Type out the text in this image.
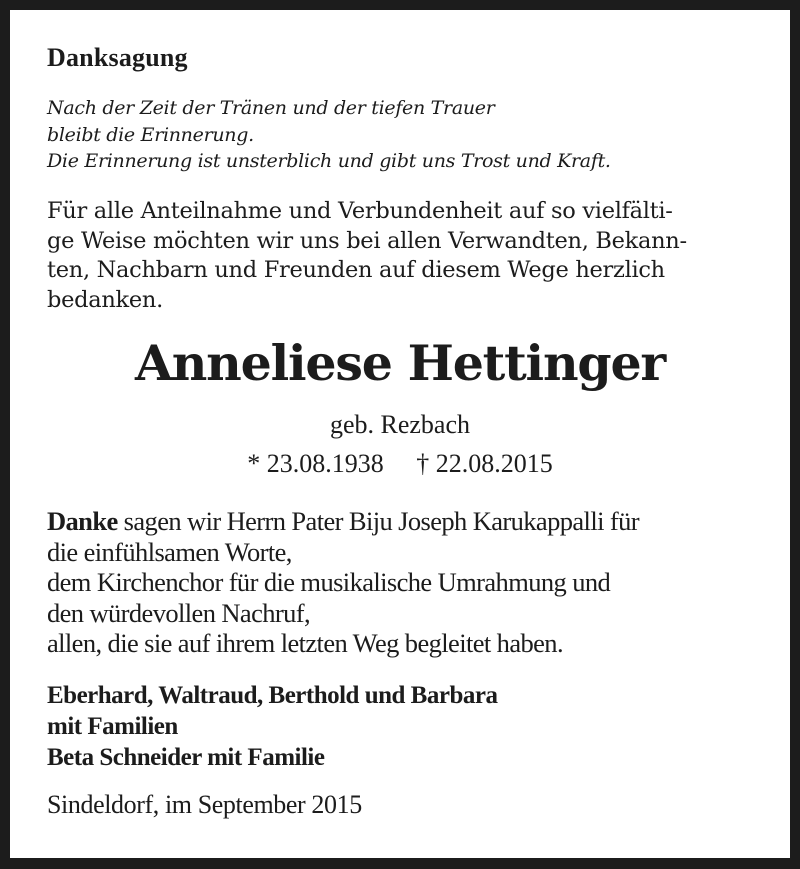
Danksagung
Nach der Zeit der Tränen und der tiefen Trauer
bleibt die Erinnerung.
Die Erinnerung ist unsterblich und gibt uns Trost und Kraft.
Für alle Anteilnahme und Verbundenheit auf so vielfälti-
ge Weise möchten wir uns bei allen Verwandten, Bekann-
ten, Nachbarn und Freunden auf diesem Wege herzlich
bedanken.
Anneliese Hettinger
geb. Rezbach
* 23.08.1938 † 22.08.2015
Danke sagen wir Herrn Pater Biju Joseph Karukappalli für
die einfühlsamen Worte,
dem Kirchenchor für die musikalische Umrahmung und
den würdevollen Nachruf,
allen, die sie auf ihrem letzten Weg begleitet haben.
Eberhard, Waltraud, Berthold und Barbara
mit Familien
Beta Schneider mit Familie
Sindeldorf, im September 2015
